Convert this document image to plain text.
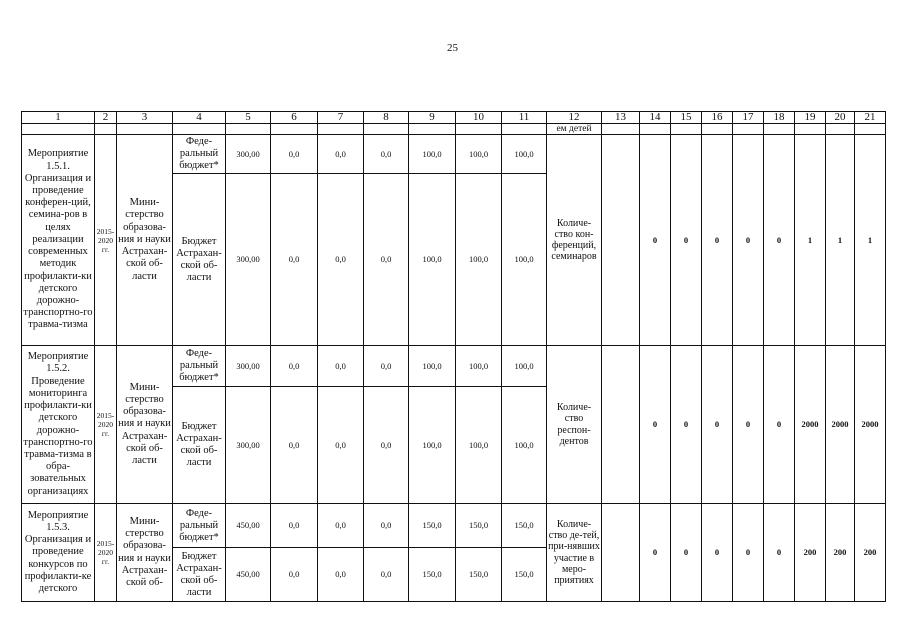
25
1	2	3	4	5	6	7	8	9	10	11	12	13	14	15	16	17	18	19	20	21
											ем детей									
Мероприятие 1.5.1. Организация и проведение конферен-ций, семина-ров в целях реализации современных методик профилакти-ки детского дорожно-транспортно-го травма-тизма	2015-2020 гг.	Мини-стерство образова-ния и науки Астрахан-ской об-ласти	Феде-ральный бюджет*	300,00	0,0	0,0	0,0	100,0	100,0	100,0	Количе-ство кон-ференций, семинаров		0	0	0	0	0	1	1	1
			Бюджет Астрахан-ской об-ласти	300,00	0,0	0,0	0,0	100,0	100,0	100,0										
Мероприятие 1.5.2. Проведение мониторинга профилакти-ки детского дорожно-транспортно-го травма-тизма в обра-зовательных организациях	2015-2020 гг.	Мини-стерство образова-ния и науки Астрахан-ской об-ласти	Феде-ральный бюджет*	300,00	0,0	0,0	0,0	100,0	100,0	100,0	Количе-ство респон-дентов		0	0	0	0	0	2000	2000	2000
			Бюджет Астрахан-ской об-ласти	300,00	0,0	0,0	0,0	100,0	100,0	100,0										
Мероприятие 1.5.3. Организация и проведение конкурсов по профилакти-ке детского	2015-2020 гг.	Мини-стерство образова-ния и науки Астрахан-ской об-	Феде-ральный бюджет*	450,00	0,0	0,0	0,0	150,0	150,0	150,0	Количе-ство де-тей, при-нявших участие в меро-приятиях		0	0	0	0	0	200	200	200
			Бюджет Астрахан-ской об-ласти	450,00	0,0	0,0	0,0	150,0	150,0	150,0										
